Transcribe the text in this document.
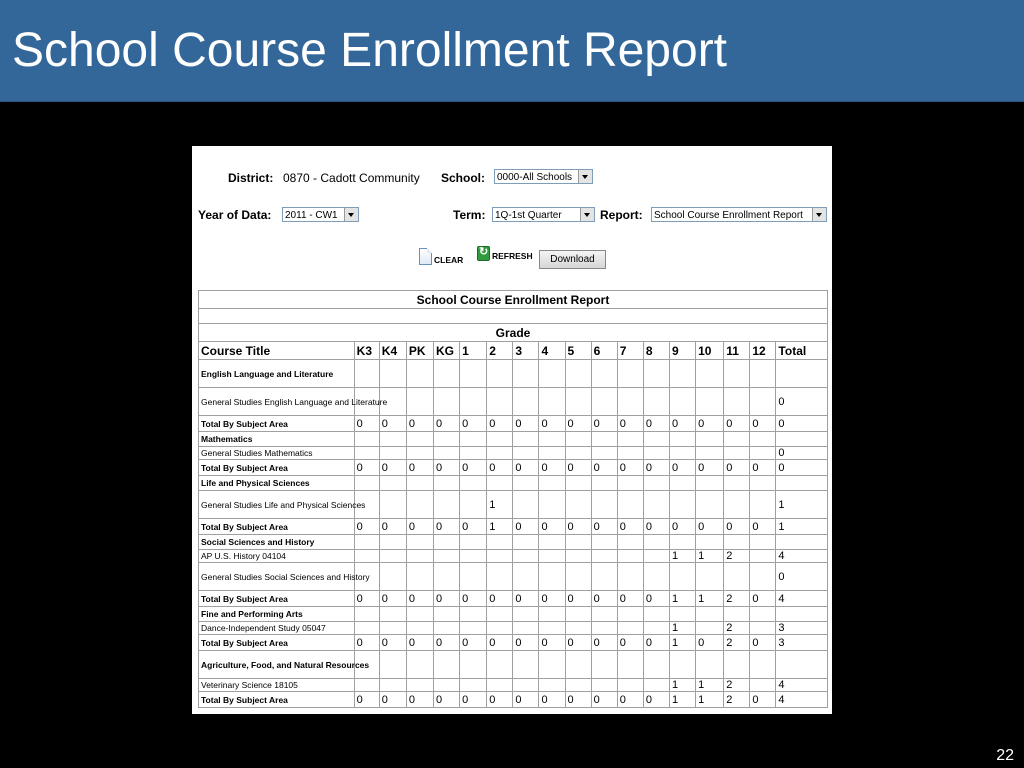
School Course Enrollment Report
District: 0870 - Cadott Community School:	0000-All Schools
Year of Data:	2011 - CW1	Term: 1Q-1st Quarter	Report:	School Course Enrollment Report
CLEAR ↻	REFRESH	Download
School Course Enrollment Report																	

Grade																	
Course Title	K3	K4	PK	KG	1	2	3	4	5	6	7	8	9	10	11	12	Total
English Language and Literature																	
General Studies English Language and Literature																	0
Total By Subject Area	0	0	0	0	0	0	0	0	0	0	0	0	0	0	0	0	0
Mathematics																	
General Studies Mathematics																	0
Total By Subject Area	0	0	0	0	0	0	0	0	0	0	0	0	0	0	0	0	0
Life and Physical Sciences																	
General Studies Life and Physical Sciences						1											1
Total By Subject Area	0	0	0	0	0	1	0	0	0	0	0	0	0	0	0	0	1
Social Sciences and History																	
AP U.S. History 04104													1	1	2		4
General Studies Social Sciences and History																	0
Total By Subject Area	0	0	0	0	0	0	0	0	0	0	0	0	1	1	2	0	4
Fine and Performing Arts																	
Dance-Independent Study 05047													1		2		3
Total By Subject Area	0	0	0	0	0	0	0	0	0	0	0	0	1	0	2	0	3
Agriculture, Food, and Natural Resources																	
Veterinary Science 18105													1	1	2		4
Total By Subject Area	0	0	0	0	0	0	0	0	0	0	0	0	1	1	2	0	4
22
